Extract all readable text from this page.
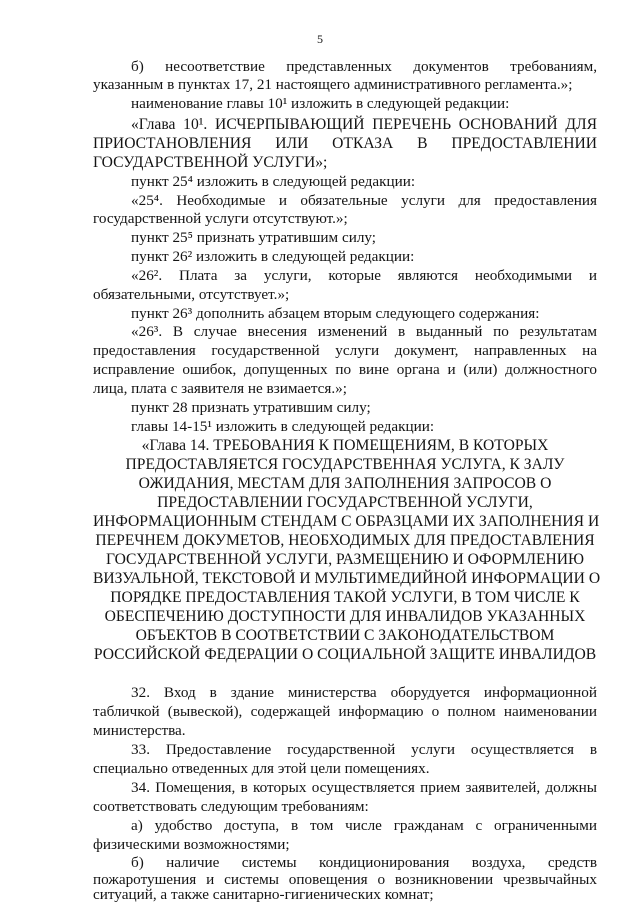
5
б)  несоответствие  представленных  документов  требованиям,
указанным в пунктах 17, 21 настоящего административного регламента.»;
наименование главы 10¹ изложить в следующей редакции:
«Глава 10¹. ИСЧЕРПЫВАЮЩИЙ ПЕРЕЧЕНЬ ОСНОВАНИЙ ДЛЯ
ПРИОСТАНОВЛЕНИЯ ИЛИ ОТКАЗА В ПРЕДОСТАВЛЕНИИ
ГОСУДАРСТВЕННОЙ УСЛУГИ»;
пункт 25⁴ изложить в следующей редакции:
«25⁴. Необходимые и обязательные услуги для предоставления
государственной услуги отсутствуют.»;
пункт 25⁵ признать утратившим силу;
пункт 26² изложить в следующей редакции:
«26². Плата за услуги, которые являются необходимыми и
обязательными, отсутствует.»;
пункт 26³ дополнить абзацем вторым следующего содержания:
«26³. В случае внесения изменений в выданный по результатам
предоставления государственной услуги документ, направленных на
исправление ошибок, допущенных по вине органа и (или) должностного
лица, плата с заявителя не взимается.»;
пункт 28 признать утратившим силу;
главы 14-15¹ изложить в следующей редакции:
«Глава 14. ТРЕБОВАНИЯ К ПОМЕЩЕНИЯМ, В КОТОРЫХ
ПРЕДОСТАВЛЯЕТСЯ ГОСУДАРСТВЕННАЯ УСЛУГА, К ЗАЛУ
ОЖИДАНИЯ, МЕСТАМ ДЛЯ ЗАПОЛНЕНИЯ ЗАПРОСОВ О
ПРЕДОСТАВЛЕНИИ ГОСУДАРСТВЕННОЙ УСЛУГИ,
ИНФОРМАЦИОННЫМ СТЕНДАМ С ОБРАЗЦАМИ ИХ ЗАПОЛНЕНИЯ И
ПЕРЕЧНЕМ ДОКУМЕТОВ, НЕОБХОДИМЫХ ДЛЯ ПРЕДОСТАВЛЕНИЯ
ГОСУДАРСТВЕННОЙ УСЛУГИ, РАЗМЕЩЕНИЮ И ОФОРМЛЕНИЮ
ВИЗУАЛЬНОЙ, ТЕКСТОВОЙ И МУЛЬТИМЕДИЙНОЙ ИНФОРМАЦИИ О
ПОРЯДКЕ ПРЕДОСТАВЛЕНИЯ ТАКОЙ УСЛУГИ, В ТОМ ЧИСЛЕ К
ОБЕСПЕЧЕНИЮ ДОСТУПНОСТИ ДЛЯ ИНВАЛИДОВ УКАЗАННЫХ
ОБЪЕКТОВ В СООТВЕТСТВИИ С ЗАКОНОДАТЕЛЬСТВОМ
РОССИЙСКОЙ ФЕДЕРАЦИИ О СОЦИАЛЬНОЙ ЗАЩИТЕ ИНВАЛИДОВ
32. Вход в здание министерства оборудуется информационной
табличкой (вывеской), содержащей информацию о полном наименовании
министерства.
33. Предоставление государственной услуги осуществляется в
специально отведенных для этой цели помещениях.
34. Помещения, в которых осуществляется прием заявителей, должны
соответствовать следующим требованиям:
а) удобство доступа, в том числе гражданам с ограниченными
физическими возможностями;
б)   наличие   системы   кондиционирования   воздуха,   средств
пожаротушения и системы оповещения о возникновении чрезвычайных
ситуаций, а также санитарно-гигиенических комнат;
